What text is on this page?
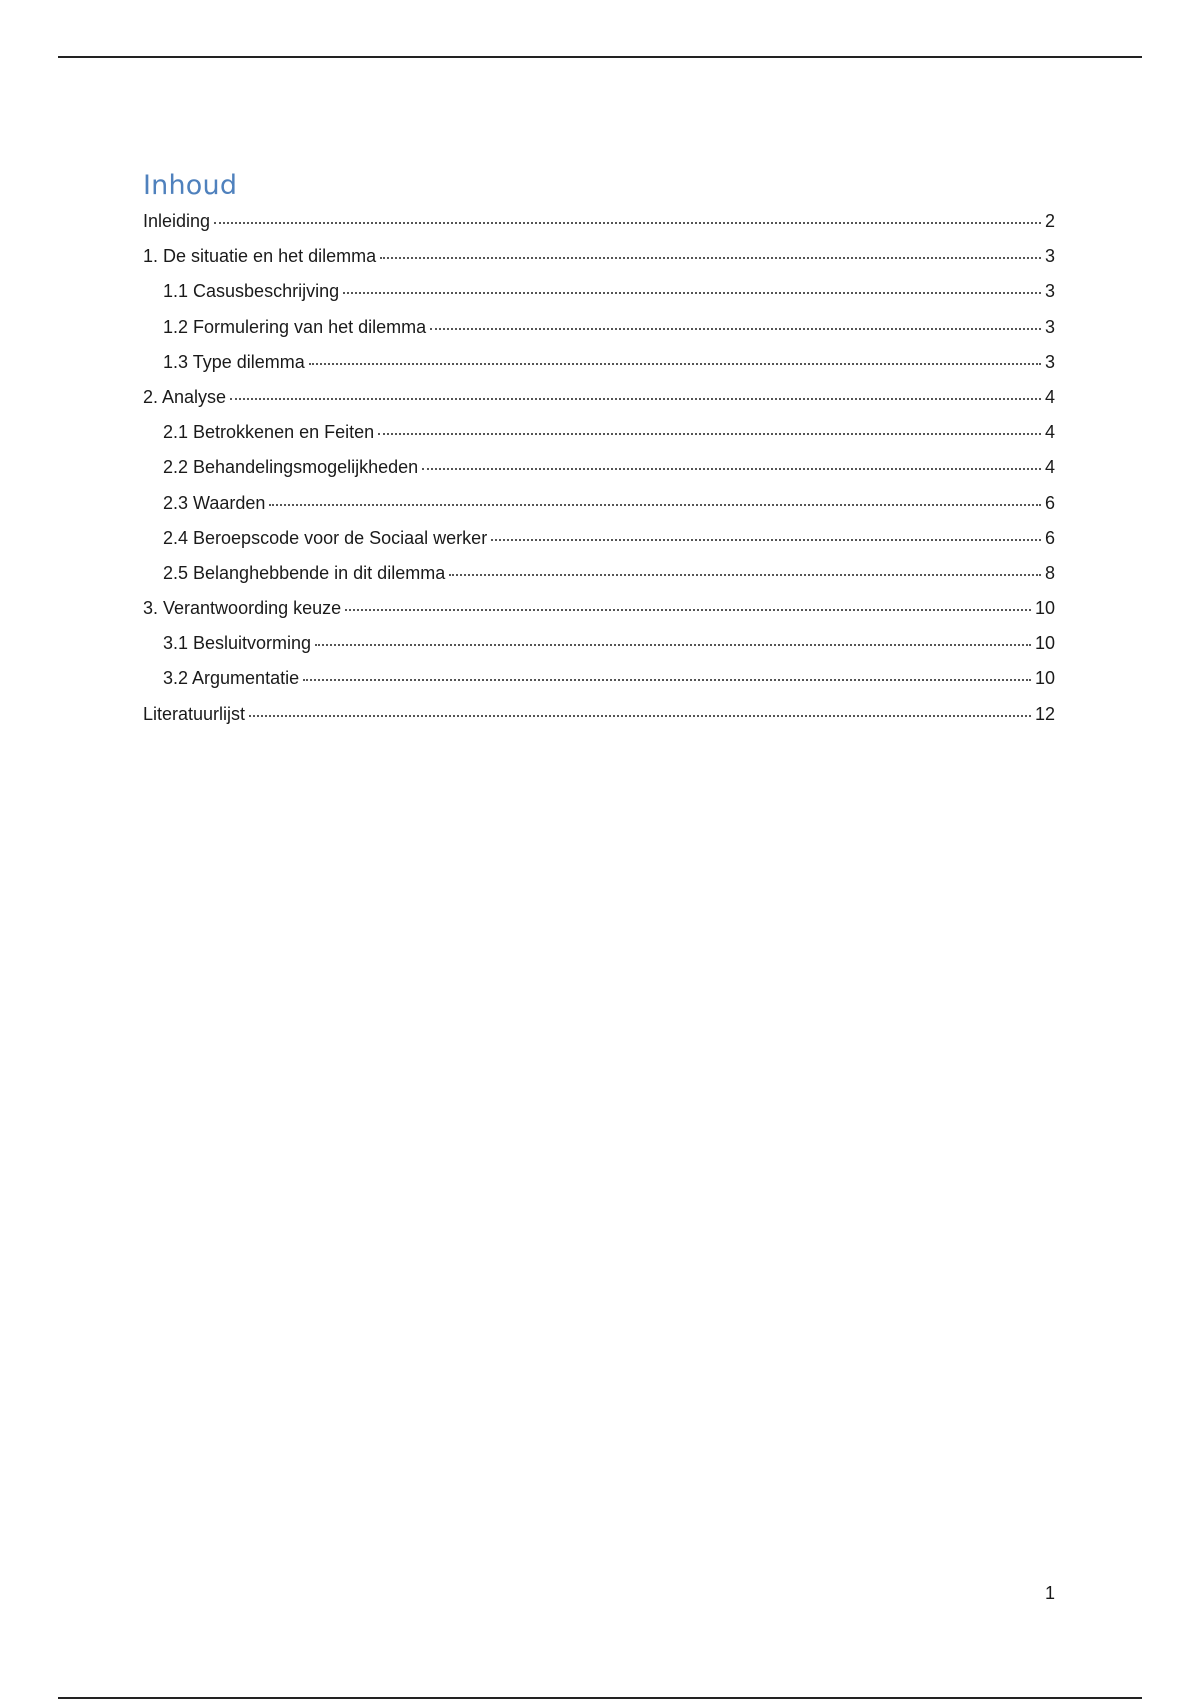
Inhoud
Inleiding	2
1. De situatie en het dilemma	3
1.1 Casusbeschrijving	3
1.2 Formulering van het dilemma	3
1.3 Type dilemma	3
2. Analyse	4
2.1 Betrokkenen en Feiten	4
2.2 Behandelingsmogelijkheden	4
2.3 Waarden	6
2.4 Beroepscode voor de Sociaal werker	6
2.5 Belanghebbende in dit dilemma	8
3. Verantwoording keuze	10
3.1 Besluitvorming	10
3.2 Argumentatie	10
Literatuurlijst	12
1
